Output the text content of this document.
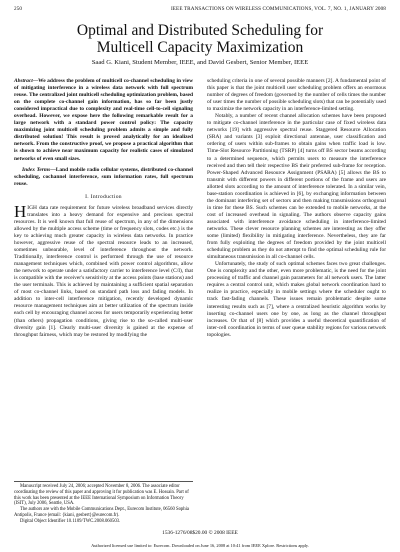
250	IEEE TRANSACTIONS ON WIRELESS COMMUNICATIONS, VOL. 7, NO. 1, JANUARY 2008
Optimal and Distributed Scheduling for
Multicell Capacity Maximization
Saad G. Kiani, Student Member, IEEE, and David Gesbert, Senior Member, IEEE

Abstract—We address the problem of multicell co-channel scheduling in view of mitigating interference in a wireless data network with full spectrum reuse. The centralized joint multicell scheduling optimization problem, based on the complete co-channel gain information, has so far been justly considered impractical due to complexity and real-time cell-to-cell signaling overhead. However, we expose here the following remarkable result for a large network with a standard power control policy: The capacity maximizing joint multicell scheduling problem admits a simple and fully distributed solution! This result is proved analytically for an idealized network. From the constructive proof, we propose a practical algorithm that is shown to achieve near maximum capacity for realistic cases of simulated networks of even small sizes.

Index Terms—Land mobile radio cellular systems, distributed co-channel scheduling, cochannel interference, sum information rates, full spectrum reuse.

I. Introduction

HIGH data rate requirement for future wireless broadband services directly translates into a heavy demand for expensive and precious spectral resources. It is well known that full reuse of spectrum, in any of the dimensions allowed by the multiple access scheme (time or frequency slots, codes etc.) is the key to achieving much greater capacity in wireless data networks. In practice however, aggressive reuse of the spectral resource leads to an increased, sometimes unbearable, level of interference throughout the network. Traditionally, interference control is performed through the use of resource management techniques which, combined with power control algorithms, allow the network to operate under a satisfactory carrier to interference level (C/I), that is compatible with the receiver's sensitivity at the access points (base stations) and the user terminals. This is achieved by maintaining a sufficient spatial separation of most co-channel links, based on standard path loss and fading models. In addition to inter-cell interference mitigation, recently developed dynamic resource management techniques aim at better utilization of the spectrum inside each cell by encouraging channel access for users temporarily experiencing better (than others) propagation conditions, giving rise to the so-called multi-user diversity gain [1]. Clearly multi-user diversity is gained at the expense of throughput fairness, which may be restored by modifying the

Manuscript received July 24, 2006; accepted November 8, 2006. The associate editor coordinating the review of this paper and approving it for publication was E. Hossain. Part of this work has been presented at the IEEE International Symposium on Information Theory (ISIT), July 2006, Seattle, USA.

The authors are with the Mobile Communications Dept., Eurecom Institute, 06560 Sophia Antipolis, France (email: {kiani, gesbert}@eurecom.fr).

Digital Object Identifier 10.1109/TWC.2008.060503.

scheduling criteria in one of several possible manners [2]. A fundamental point of this paper is that the joint multicell user scheduling problem offers an enormous number of degrees of freedom (governed by the number of cells times the number of user times the number of possible scheduling slots) that can be potentially used to maximize the network capacity in an interference-limited setting.

Notably, a number of recent channel allocation schemes have been proposed to mitigate co-channel interference in the particular case of fixed wireless data networks [19] with aggressive spectral reuse. Staggered Resource Allocation (SRA) and variants [3] exploit directional antennae, user classification and ordering of users within sub-frames to obtain gains when traffic load is low. Time-Slot Resource Partitioning (TSRP) [4] turns off BS sector beams according to a determined sequence, which permits users to measure the interference received and then tell their respective BS their preferred sub-frame for reception. Power-Shaped Advanced Resource Assignment (PSARA) [5] allows the BS to transmit with different powers in different portions of the frame and users are allotted slots according to the amount of interference tolerated. In a similar vein, base-station coordination is achieved in [6], by exchanging information between the dominant interfering set of sectors and then making transmissions orthogonal in time for these BS. Such schemes can be extended to mobile networks, at the cost of increased overhead in signaling. The authors observe capacity gains associated with interference avoidance scheduling in interference-limited networks. These clever resource planning schemes are interesting as they offer some (limited) flexibility in mitigating interference. Nevertheless, they are far from fully exploiting the degrees of freedom provided by the joint multicell scheduling problem as they do not attempt to find the optimal scheduling rule for simultaneous transmission in all co-channel cells.

Unfortunately, the study of such optimal schemes faces two great challenges. One is complexity and the other, even more problematic, is the need for the joint processing of traffic and channel gain parameters for all network users. The latter requires a central control unit, which makes global network coordination hard to realize in practice, especially in mobile settings where the scheduler ought to track fast-fading channels. These issues remain problematic despite some interesting results such as [7], where a centralized heuristic algorithm works by inserting co-channel users one by one, as long as the channel throughput increases. Or that of [8] which provides a useful theoretical quantification of inter-cell coordination in terms of user queue stability regions for various network topologies.

1536-1276/08$20.00 © 2008 IEEE
Authorized licensed use limited to: Eurecom. Downloaded on June 16, 2008 at 10:41 from IEEE Xplore. Restrictions apply.
